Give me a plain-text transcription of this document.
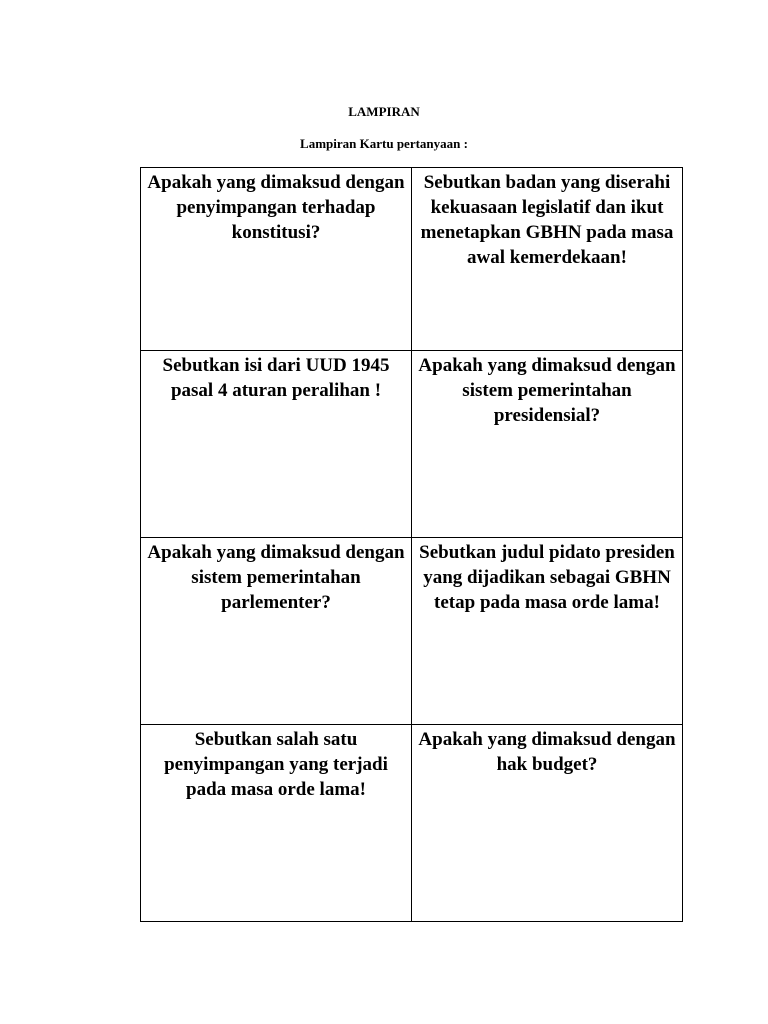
LAMPIRAN
Lampiran Kartu pertanyaan :
Apakah yang dimaksud dengan penyimpangan terhadap konstitusi?	Sebutkan badan yang diserahi kekuasaan legislatif dan ikut menetapkan GBHN pada masa awal kemerdekaan!
Sebutkan isi dari UUD 1945 pasal 4 aturan peralihan !	Apakah yang dimaksud dengan sistem pemerintahan presidensial?
Apakah yang dimaksud dengan sistem pemerintahan parlementer?	Sebutkan judul pidato presiden yang dijadikan sebagai GBHN tetap pada masa orde lama!
Sebutkan salah satu penyimpangan yang terjadi pada masa orde lama!	Apakah yang dimaksud dengan hak budget?
